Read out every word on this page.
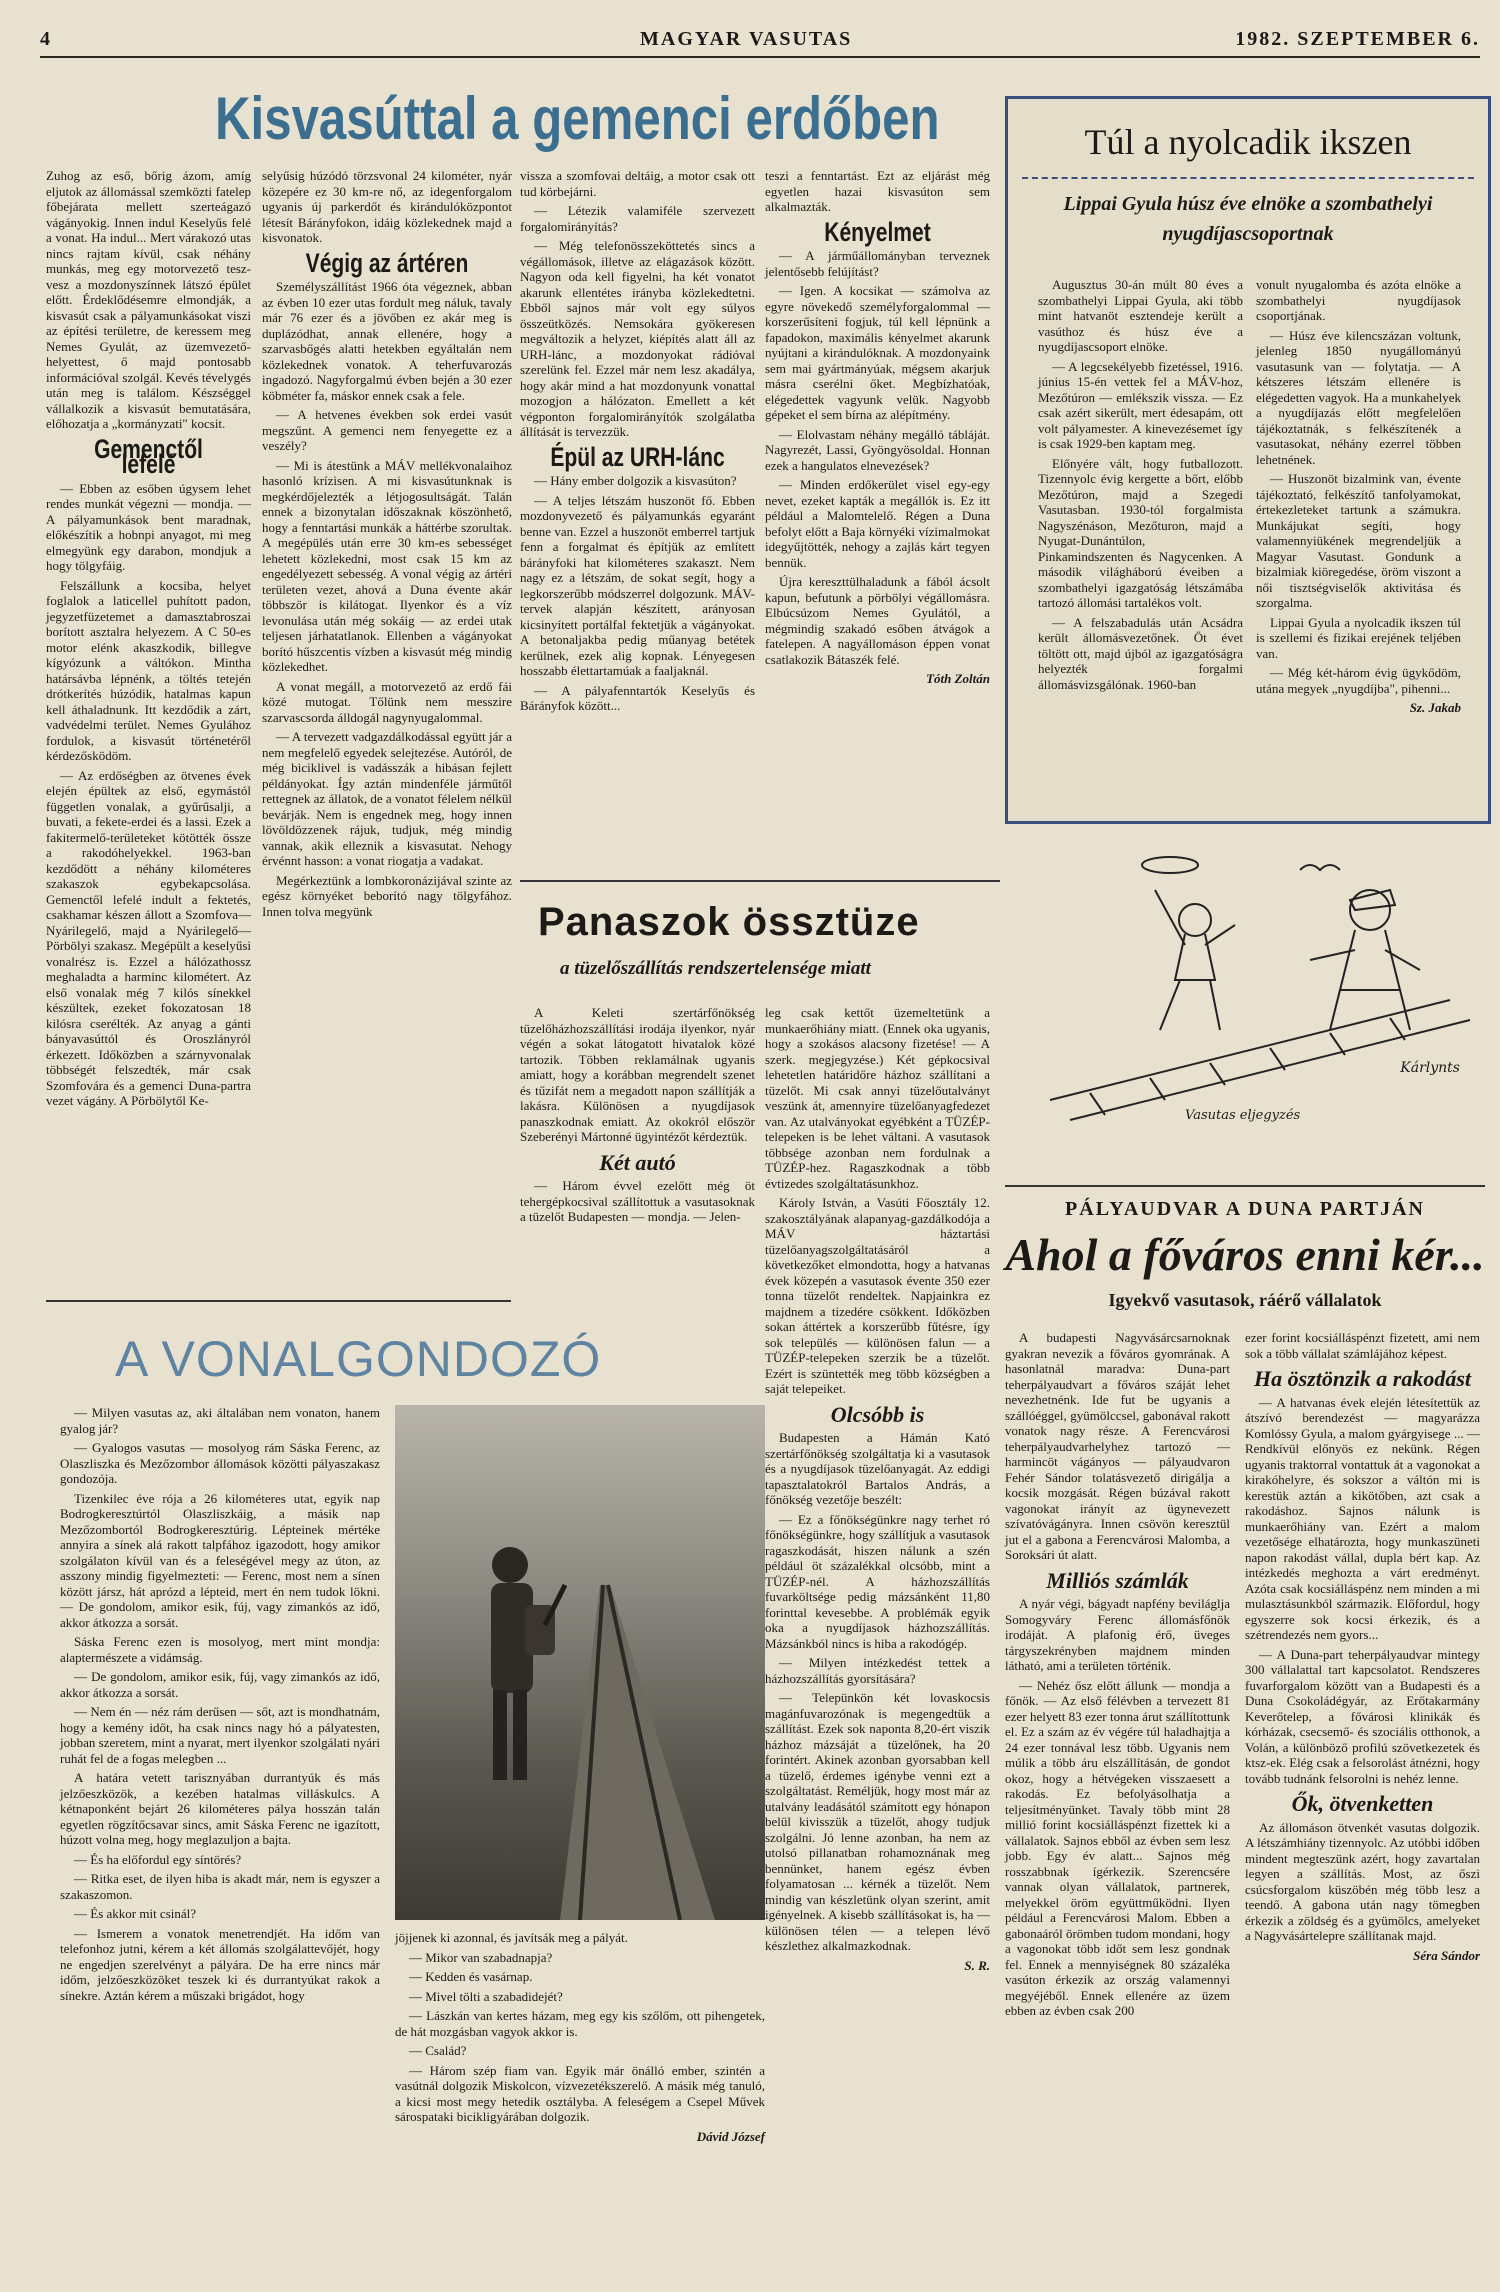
4	MAGYAR VASUTAS	1982. SZEPTEMBER 6.
Kisvasúttal a gemenci erdőben

Zuhog az eső, bőrig ázom, amíg eljutok az állomással szemközti fatelep főbejárata mellett szerteágazó vágányokig. Innen indul Keselyűs felé a vonat. Ha indul... Mert várakozó utas nincs rajtam kívül, csak néhány munkás, meg egy motorvezető tesz-vesz a mozdonyszínnek látszó épület előtt. Érdeklődésemre elmondják, a kisvasút csak a pályamunkásokat viszi az építési területre, de keressem meg Nemes Gyulát, az üzemvezető-helyettest, ő majd pontosabb információval szolgál. Kevés tévelygés után meg is találom. Készséggel vállalkozik a kisvasút bemutatására, előhozatja a „kormányzati" kocsit.

Gemenctől lefelé

— Ebben az esőben úgysem lehet rendes munkát végezni — mondja. — A pályamunkások bent maradnak, előkészítik a hobnpi anyagot, mi meg elmegyünk egy darabon, mondjuk a hogy tölgyfáig.

Felszállunk a kocsiba, helyet foglalok a laticellel puhított padon, jegyzetfüzetemet a damasztabroszai borított asztalra helyezem. A C 50-es motor elénk akaszkodik, billegve kígyózunk a váltókon. Mintha határsávba lépnénk, a töltés tetején drótkerítés húzódik, hatalmas kapun kell áthaladnunk. Itt kezdődik a zárt, vadvédelmi terület. Nemes Gyulához fordulok, a kisvasút történetéről kérdezősködöm.

— Az erdőségben az ötvenes évek elején épültek az első, egymástól független vonalak, a gyűrűsalji, a buvati, a fekete-erdei és a lassi. Ezek a fakitermelő-területeket kötötték össze a rakodóhelyekkel. 1963-ban kezdődött a néhány kilométeres szakaszok egybekapcsolása. Gemenctől lefelé indult a fektetés, csakhamar készen állott a Szomfova—Nyárilegelő, majd a Nyárilegelő—Pörbölyi szakasz. Megépült a keselyűsi vonalrész is. Ezzel a hálózathossz meghaladta a harminc kilométert. Az első vonalak még 7 kilós sínekkel készültek, ezeket fokozatosan 18 kilósra cserélték. Az anyag a gánti bányavasúttól és Oroszlányról érkezett. Időközben a szárnyvonalak többségét felszedték, már csak Szomfovára és a gemenci Duna-partra vezet vágány. A Pörbölytől Ke-

selyűsig húzódó törzsvonal 24 kilométer, nyár közepére ez 30 km-re nő, az idegenforgalom ugyanis új parkerdőt és kirándulóközpontot létesít Bárányfokon, idáig közlekednek majd a kisvonatok.

Végig az ártéren

Személyszállítást 1966 óta végeznek, abban az évben 10 ezer utas fordult meg náluk, tavaly már 76 ezer és a jövőben ez akár meg is duplázódhat, annak ellenére, hogy a szarvasbőgés alatti hetekben egyáltalán nem közlekednek vonatok. A teherfuvarozás ingadozó. Nagyforgalmú évben bején a 30 ezer köbméter fa, máskor ennek csak a fele.

— A hetvenes években sok erdei vasút megszűnt. A gemenci nem fenyegette ez a veszély?

— Mi is átestünk a MÁV mellékvonalaihoz hasonló krízisen. A mi kisvasútunknak is megkérdőjelezték a létjogosultságát. Talán ennek a bizonytalan időszaknak köszönhető, hogy a fenntartási munkák a háttérbe szorultak. A megépülés után erre 30 km-es sebességet lehetett közlekedni, most csak 15 km az engedélyezett sebesség. A vonal végig az ártéri területen vezet, ahová a Duna évente akár többször is kilátogat. Ilyenkor és a víz levonulása után még sokáig — az erdei utak teljesen járhatatlanok. Ellenben a vágányokat borító hűszcentis vízben a kisvasút még mindig közlekedhet.

A vonat megáll, a motorvezető az erdő fái közé mutogat. Tőlünk nem messzire szarvascsorda álldogál nagynyugalommal.

— A tervezett vadgazdálkodással együtt jár a nem megfelelő egyedek selejtezése. Autóról, de még biciklivel is vadásszák a hibásan fejlett példányokat. Így aztán mindenféle járműtől rettegnek az állatok, de a vonatot félelem nélkül bevárják. Nem is engednek meg, hogy innen lövöldözzenek rájuk, tudjuk, még mindig vannak, akik elleznik a kisvasutat. Nehogy érvénnt hasson: a vonat riogatja a vadakat.

Megérkeztünk a lombkoronázijával szinte az egész környéket beborító nagy tölgyfához. Innen tolva megyünk

vissza a szomfovai deltáig, a motor csak ott tud körbejárni.

— Létezik valamiféle szervezett forgalomirányítás?

— Még telefonösszeköttetés sincs a végállomások, illetve az elágazások között. Nagyon oda kell figyelni, ha két vonatot akarunk ellentétes irányba közlekedtetni. Ebből sajnos már volt egy súlyos összeütközés. Nemsokára gyökeresen megváltozik a helyzet, kiépítés alatt áll az URH-lánc, a mozdonyokat rádióval szerelünk fel. Ezzel már nem lesz akadálya, hogy akár mind a hat mozdonyunk vonattal mozogjon a hálózaton. Emellett a két végponton forgalomirányítók szolgálatba állítását is tervezzük.

Épül az URH-lánc

— Hány ember dolgozik a kisvasúton?

— A teljes létszám huszonöt fő. Ebben mozdonyvezető és pályamunkás egyaránt benne van. Ezzel a huszonöt emberrel tartjuk fenn a forgalmat és építjük az említett bárányfoki hat kilométeres szakaszt. Nem nagy ez a létszám, de sokat segít, hogy a legkorszerűbb módszerrel dolgozunk. MÁV-tervek alapján készített, arányosan kicsinyített portálfal fektetjük a vágányokat. A betonaljakba pedig műanyag betétek kerülnek, ezek alig kopnak. Lényegesen hosszabb élettartamúak a faaljaknál.

— A pályafenntartók Keselyűs és Bárányfok között...

teszi a fenntartást. Ezt az eljárást még egyetlen hazai kisvasúton sem alkalmazták.

Kényelmet

— A járműállományban terveznek jelentősebb felújítást?

— Igen. A kocsikat — számolva az egyre növekedő személyforgalommal — korszerűsíteni fogjuk, túl kell lépnünk a fapadokon, maximális kényelmet akarunk nyújtani a kirándulóknak. A mozdonyaink sem mai gyártmányúak, mégsem akarjuk másra cserélni őket. Megbízhatóak, elégedettek vagyunk velük. Nagyobb gépeket el sem bírna az alépítmény.

— Elolvastam néhány megálló tábláját. Nagyrezét, Lassi, Gyöngyösoldal. Honnan ezek a hangulatos elnevezések?

— Minden erdőkerület visel egy-egy nevet, ezeket kapták a megállók is. Ez itt például a Malomtelelő. Régen a Duna befolyt előtt a Baja környéki vízimalmokat idegyűjtötték, nehogy a zajlás kárt tegyen bennük.

Újra kereszttülhaladunk a fából ácsolt kapun, befutunk a pörbölyi végállomásra. Elbúcsúzom Nemes Gyulától, a mégmindig szakadó esőben átvágok a fatelepen. A nagyállomáson éppen vonat csatlakozik Bátaszék felé.

Tóth Zoltán
Túl a nyolcadik ikszen
Lippai Gyula húsz éve elnöke a szombathelyi nyugdíjascsoportnak

Augusztus 30-án múlt 80 éves a szombathelyi Lippai Gyula, aki több mint hatvanöt esztendeje került a vasúthoz és húsz éve a nyugdíjascsoport elnöke.

— A legcsekélyebb fizetéssel, 1916. június 15-én vettek fel a MÁV-hoz, Mezőtúron — emlékszik vissza. — Ez csak azért sikerült, mert édesapám, ott volt pályamester. A kinevezésemet így is csak 1929-ben kaptam meg.

Előnyére vált, hogy futballozott. Tizennyolc évig kergette a bőrt, előbb Mezőtúron, majd a Szegedi Vasutasban. 1930-tól forgalmista Nagyszénáson, Mezőturon, majd a Nyugat-Dunántúlon, Pinkamindszenten és Nagycenken. A második világháború éveiben a szombathelyi igazgatóság létszámába tartozó állomási tartalékos volt.

— A felszabadulás után Acsádra került állomásvezetőnek. Öt évet töltött ott, majd újból az igazgatóságra helyezték forgalmi állomásvizsgálónak. 1960-ban

vonult nyugalomba és azóta elnöke a szombathelyi nyugdíjasok csoportjának.

— Húsz éve kilencszázan voltunk, jelenleg 1850 nyugállományú vasutasunk van — folytatja. — A kétszeres létszám ellenére is elégedetten vagyok. Ha a munkahelyek a nyugdíjazás előtt megfelelően tájékoztatnák, s felkészítenék a vasutasokat, néhány ezerrel többen lehetnének.

— Huszonöt bizalmink van, évente tájékoztató, felkészítő tanfolyamokat, értekezleteket tartunk a számukra. Munkájukat segíti, hogy valamennyiükének megrendeljük a Magyar Vasutast. Gondunk a bizalmiak kiöregedése, öröm viszont a női tisztségviselők aktivitása és szorgalma.

Lippai Gyula a nyolcadik ikszen túl is szellemi és fizikai erejének teljében van.

— Még két-három évig ügykődöm, utána megyek „nyugdíjba", pihenni...

Sz. Jakab
Kárlynts
Vasutas eljegyzés
Panaszok össztüze
a tüzelőszállítás rendszertelensége miatt

A Keleti szertárfőnökség tüzelőházhozszállítási irodája ilyenkor, nyár végén a sokat látogatott hivatalok közé tartozik. Többen reklamálnak ugyanis amiatt, hogy a korábban megrendelt szenet és tűzifát nem a megadott napon szállítják a lakásra. Különösen a nyugdíjasok panaszkodnak emiatt. Az okokról először Szeberényi Mártonné ügyintézőt kérdeztük.

Két autó

— Három évvel ezelőtt még öt tehergépkocsival szállítottuk a vasutasoknak a tüzelőt Budapesten — mondja. — Jelen-

leg csak kettőt üzemeltetünk a munkaerőhiány miatt. (Ennek oka ugyanis, hogy a szokásos alacsony fizetése! — A szerk. megjegyzése.) Két gépkocsival lehetetlen határidőre házhoz szállítani a tüzelőt. Mi csak annyi tüzelőutalványt veszünk át, amennyire tüzelőanyagfedezet van. Az utalványokat egyébként a TÜZÉP-telepeken is be lehet váltani. A vasutasok többsége azonban nem fordulnak a TÜZÉP-hez. Ragaszkodnak a több évtizedes szolgáltatásunkhoz.

Károly István, a Vasúti Főosztály 12. szakosztályának alapanyag-gazdálkodója a MÁV háztartási tüzelőanyagszolgáltatásáról a következőket elmondotta, hogy a hatvanas évek közepén a vasutasok évente 350 ezer tonna tüzelőt rendeltek. Napjainkra ez majdnem a tizedére csökkent. Időközben sokan áttértek a korszerűbb fűtésre, így sok település — különösen falun — a TÜZÉP-telepeken szerzik be a tüzelőt. Ezért is szüntették meg több községben a saját telepeiket.

Olcsóbb is

Budapesten a Hámán Kató szertárfőnökség szolgáltatja ki a vasutasok és a nyugdíjasok tüzelőanyagát. Az eddigi tapasztalatokról Bartalos András, a főnökség vezetője beszélt:

— Ez a főnökségünkre nagy terhet ró főnökségünkre, hogy szállítjuk a vasutasok ragaszkodását, hiszen nálunk a szén például öt százalékkal olcsóbb, mint a TÜZÉP-nél. A házhozszállítás fuvarköltsége pedig mázsánként 11,80 forinttal kevesebbe. A problémák egyik oka a nyugdíjasok házhozszállítás. Mázsánkból nincs is hiba a rakodógép.

— Milyen intézkedést tettek a házhozszállítás gyorsítására?

— Telepünkön két lovaskocsis magánfuvarozónak is megengedtük a szállítást. Ezek sok naponta 8,20-ért viszik házhoz mázsáját a tüzelőnek, ha 20 forintért. Akinek azonban gyorsabban kell a tüzelő, érdemes igénybe venni ezt a szolgáltatást. Reméljük, hogy most már az utalvány leadásától számított egy hónapon belül kivisszük a tüzelőt, ahogy tudjuk szolgálni. Jó lenne azonban, ha nem az utolsó pillanatban rohamoznának meg bennünket, hanem egész évben folyamatosan ... kérnék a tüzelőt. Nem mindig van készletünk olyan szerint, amit igényelnek. A kisebb szállításokat is, ha — különösen télen — a telepen lévő készlethez alkalmazkodnak.

S. R.
A VONALGONDOZÓ

— Milyen vasutas az, aki általában nem vonaton, hanem gyalog jár?

— Gyalogos vasutas — mosolyog rám Sáska Ferenc, az Olaszliszka és Mezőzombor állomások közötti pályaszakasz gondozója.

Tizenkilec éve rója a 26 kilométeres utat, egyik nap Bodrogkeresztúrtól Olaszliszkáig, a másik nap Mezőzombortól Bodrogkeresztúrig. Lépteinek mértéke annyira a sínek alá rakott talpfához igazodott, hogy amikor szolgálaton kívül van és a feleségével megy az úton, az asszony mindig figyelmezteti: — Ferenc, most nem a sínen között jársz, hát aprózd a lépteid, mert én nem tudok lökni. — De gondolom, amikor esik, fúj, vagy zimankós az idő, akkor átkozza a sorsát.

Sáska Ferenc ezen is mosolyog, mert mint mondja: alaptermészete a vidámság.

— De gondolom, amikor esik, fúj, vagy zimankós az idő, akkor átkozza a sorsát.

— Nem én — néz rám derűsen — sőt, azt is mondhatnám, hogy a kemény időt, ha csak nincs nagy hó a pályatesten, jobban szeretem, mint a nyarat, mert ilyenkor szolgálati nyári ruhát fel de a fogas melegben ...

A határa vetett tarisznyában durrantyúk és más jelzőeszközök, a kezében hatalmas villáskulcs. A kétnaponként bejárt 26 kilométeres pálya hosszán talán egyetlen rögzítőcsavar sincs, amit Sáska Ferenc ne igazított, húzott volna meg, hogy meglazuljon a bajta.

— És ha előfordul egy síntörés?

— Ritka eset, de ilyen hiba is akadt már, nem is egyszer a szakaszomon.

— És akkor mit csinál?

— Ismerem a vonatok menetrendjét. Ha időm van telefonhoz jutni, kérem a két állomás szolgálattevőjét, hogy ne engedjen szerelvényt a pályára. De ha erre nincs már időm, jelzőeszközöket teszek ki és durrantyúkat rakok a sínekre. Aztán kérem a műszaki brigádot, hogy

jöjjenek ki azonnal, és javítsák meg a pályát.

— Mikor van szabadnapja?

— Kedden és vasárnap.

— Mivel tölti a szabadidejét?

— Lászkán van kertes házam, meg egy kis szőlőm, ott pihengetek, de hát mozgásban vagyok akkor is.

— Család?

— Három szép fiam van. Egyik már önálló ember, szintén a vasútnál dolgozik Miskolcon, vízvezetékszerelő. A másik még tanuló, a kicsi most megy hetedik osztályba. A feleségem a Csepel Művek sárospataki bicikligyárában dolgozik.

Dávid József
PÁLYAUDVAR A DUNA PARTJÁN
Ahol a főváros enni kér...
Igyekvő vasutasok, ráérő vállalatok

A budapesti Nagyvásárcsarnoknak gyakran nevezik a főváros gyomrának. A hasonlatnál maradva: Duna-part teherpályaudvart a főváros száját lehet nevezhetnénk. Ide fut be ugyanis a szállóéggel, gyümölccsel, gabonával rakott vonatok nagy része. A Ferencvárosi teherpályaudvarhelyhez tartozó — harmincöt vágányos — pályaudvaron Fehér Sándor tolatásvezető dirigálja a kocsik mozgását. Régen búzával rakott vagonokat irányít az ügynevezett szívatóvágányra. Innen csövön keresztül jut el a gabona a Ferencvárosi Malomba, a Soroksári út alatt.

Milliós számlák

A nyár végi, bágyadt napfény beviláglja Somogyváry Ferenc állomásfőnök irodáját. A plafonig érő, üveges tárgyszekrényben majdnem minden látható, ami a területen történik.

— Nehéz ősz előtt állunk — mondja a főnök. — Az első félévben a tervezett 81 ezer helyett 83 ezer tonna árut szállítottunk el. Ez a szám az év végére túl haladhajtja a 24 ezer tonnával lesz több. Ugyanis nem múlik a több áru elszállításán, de gondot okoz, hogy a hétvégeken visszaesett a rakodás. Ez befolyásolhatja a teljesítményünket. Tavaly több mint 28 millió forint kocsiálláspénzt fizettek ki a vállalatok. Sajnos ebből az évben sem lesz jobb. Egy év alatt... Sajnos még rosszabbnak ígérkezik. Szerencsére vannak olyan vállalatok, partnerek, melyekkel öröm együttműködni. Ilyen például a Ferencvárosi Malom. Ebben a gabonaáról örömben tudom mondani, hogy a vagonokat több időt sem lesz gondnak fel. Ennek a mennyiségnek 80 százaléka vasúton érkezik az ország valamennyi megyéjéből. Ennek ellenére az üzem ebben az évben csak 200

ezer forint kocsiálláspénzt fizetett, ami nem sok a több vállalat számlájához képest.

Ha ösztönzik a rakodást

— A hatvanas évek elején létesítettük az átszívó berendezést — magyarázza Komlóssy Gyula, a malom gyárgyisege ... — Rendkívül előnyös ez nekünk. Régen ugyanis traktorral vontattuk át a vagonokat a kirakóhelyre, és sokszor a váltón mi is kerestük aztán a kikötőben, azt csak a rakodáshoz. Sajnos nálunk is munkaerőhiány van. Ezért a malom vezetősége elhatározta, hogy munkaszüneti napon rakodást vállal, dupla bért kap. Az intézkedés meghozta a várt eredményt. Azóta csak kocsiálláspénz nem minden a mi mulasztásunkból származik. Előfordul, hogy egyszerre sok kocsi érkezik, és a szétrendezés nem gyors...

— A Duna-part teherpályaudvar mintegy 300 vállalattal tart kapcsolatot. Rendszeres fuvarforgalom között van a Budapesti és a Duna Csokoládégyár, az Erőtakarmány Keverőtelep, a fővárosi klinikák és kórházak, csecsemő- és szociális otthonok, a Volán, a különböző profilú szövetkezetek és ktsz-ek. Elég csak a felsorolást átnézni, hogy tovább tudnánk felsorolni is nehéz lenne.

Ők, ötvenketten

Az állomáson ötvenkét vasutas dolgozik. A létszámhiány tizennyolc. Az utóbbi időben mindent megteszünk azért, hogy zavartalan legyen a szállítás. Most, az őszi csúcsforgalom küszöbén még több lesz a teendő. A gabona után nagy tömegben érkezik a zöldség és a gyümölcs, amelyeket a Nagyvásártelepre szállítanak majd.

Séra Sándor
